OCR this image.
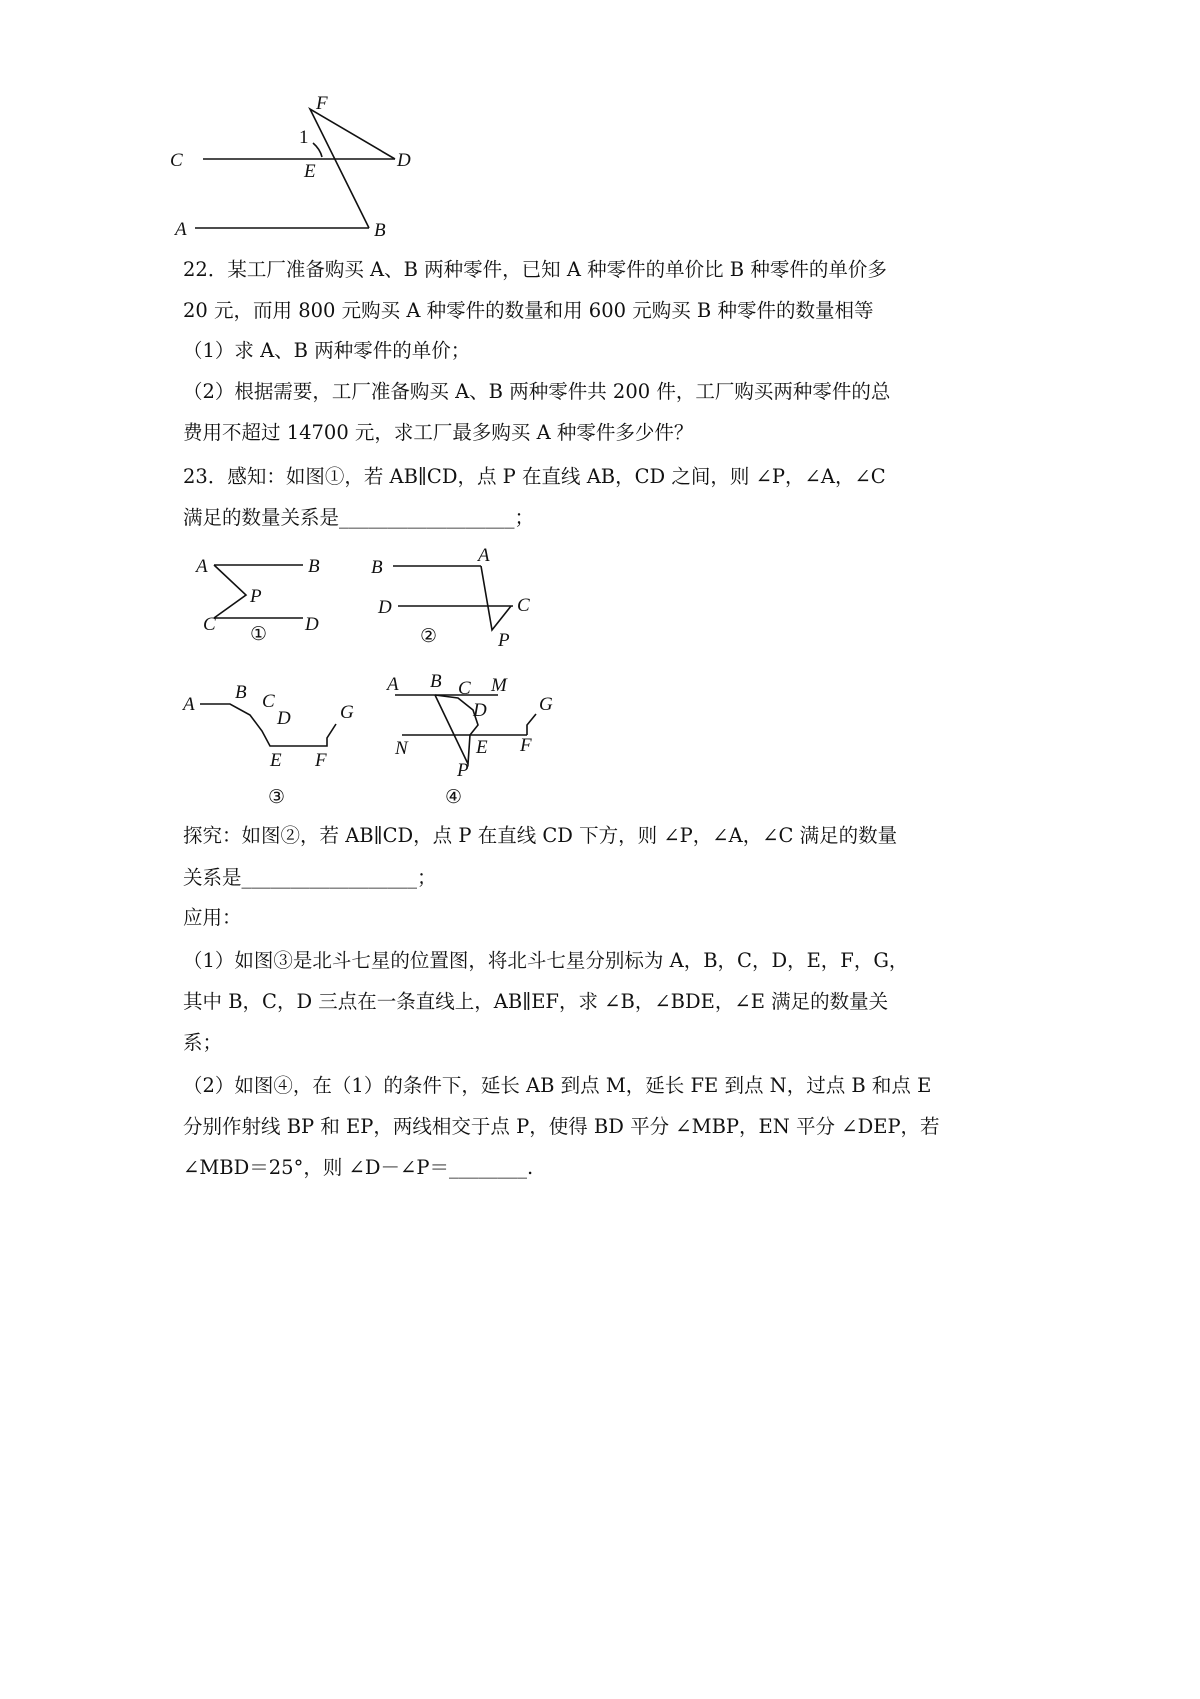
F
1
C
E
D
A	B
22．某工厂准备购买 A、B 两种零件，已知 A 种零件的单价比 B 种零件的单价多
20 元，而用 800 元购买 A 种零件的数量和用 600 元购买 B 种零件的数量相等
（1）求 A、B 两种零件的单价；
（2）根据需要，工厂准备购买 A、B 两种零件共 200 件，工厂购买两种零件的总
费用不超过 14700 元，求工厂最多购买 A 种零件多少件？
23．感知：如图①，若 AB∥CD，点 P 在直线 AB，CD 之间，则 ∠P，∠A，∠C
满足的数量关系是__________________；
A	B
P
C	D
①
B
A
D	C
P
②
A
B C
D	G
E F
③
A B C M
D	G
N	E F
P
④
探究：如图②，若 AB∥CD，点 P 在直线 CD 下方，则 ∠P，∠A，∠C 满足的数量
关系是__________________；
应用：
（1）如图③是北斗七星的位置图，将北斗七星分别标为 A，B，C，D，E，F，G，
其中 B，C，D 三点在一条直线上，AB∥EF，求 ∠B，∠BDE，∠E 满足的数量关
系；
（2）如图④，在（1）的条件下，延长 AB 到点 M，延长 FE 到点 N，过点 B 和点 E
分别作射线 BP 和 EP，两线相交于点 P，使得 BD 平分 ∠MBP，EN 平分 ∠DEP，若
∠MBD＝25°，则 ∠D－∠P＝________.
